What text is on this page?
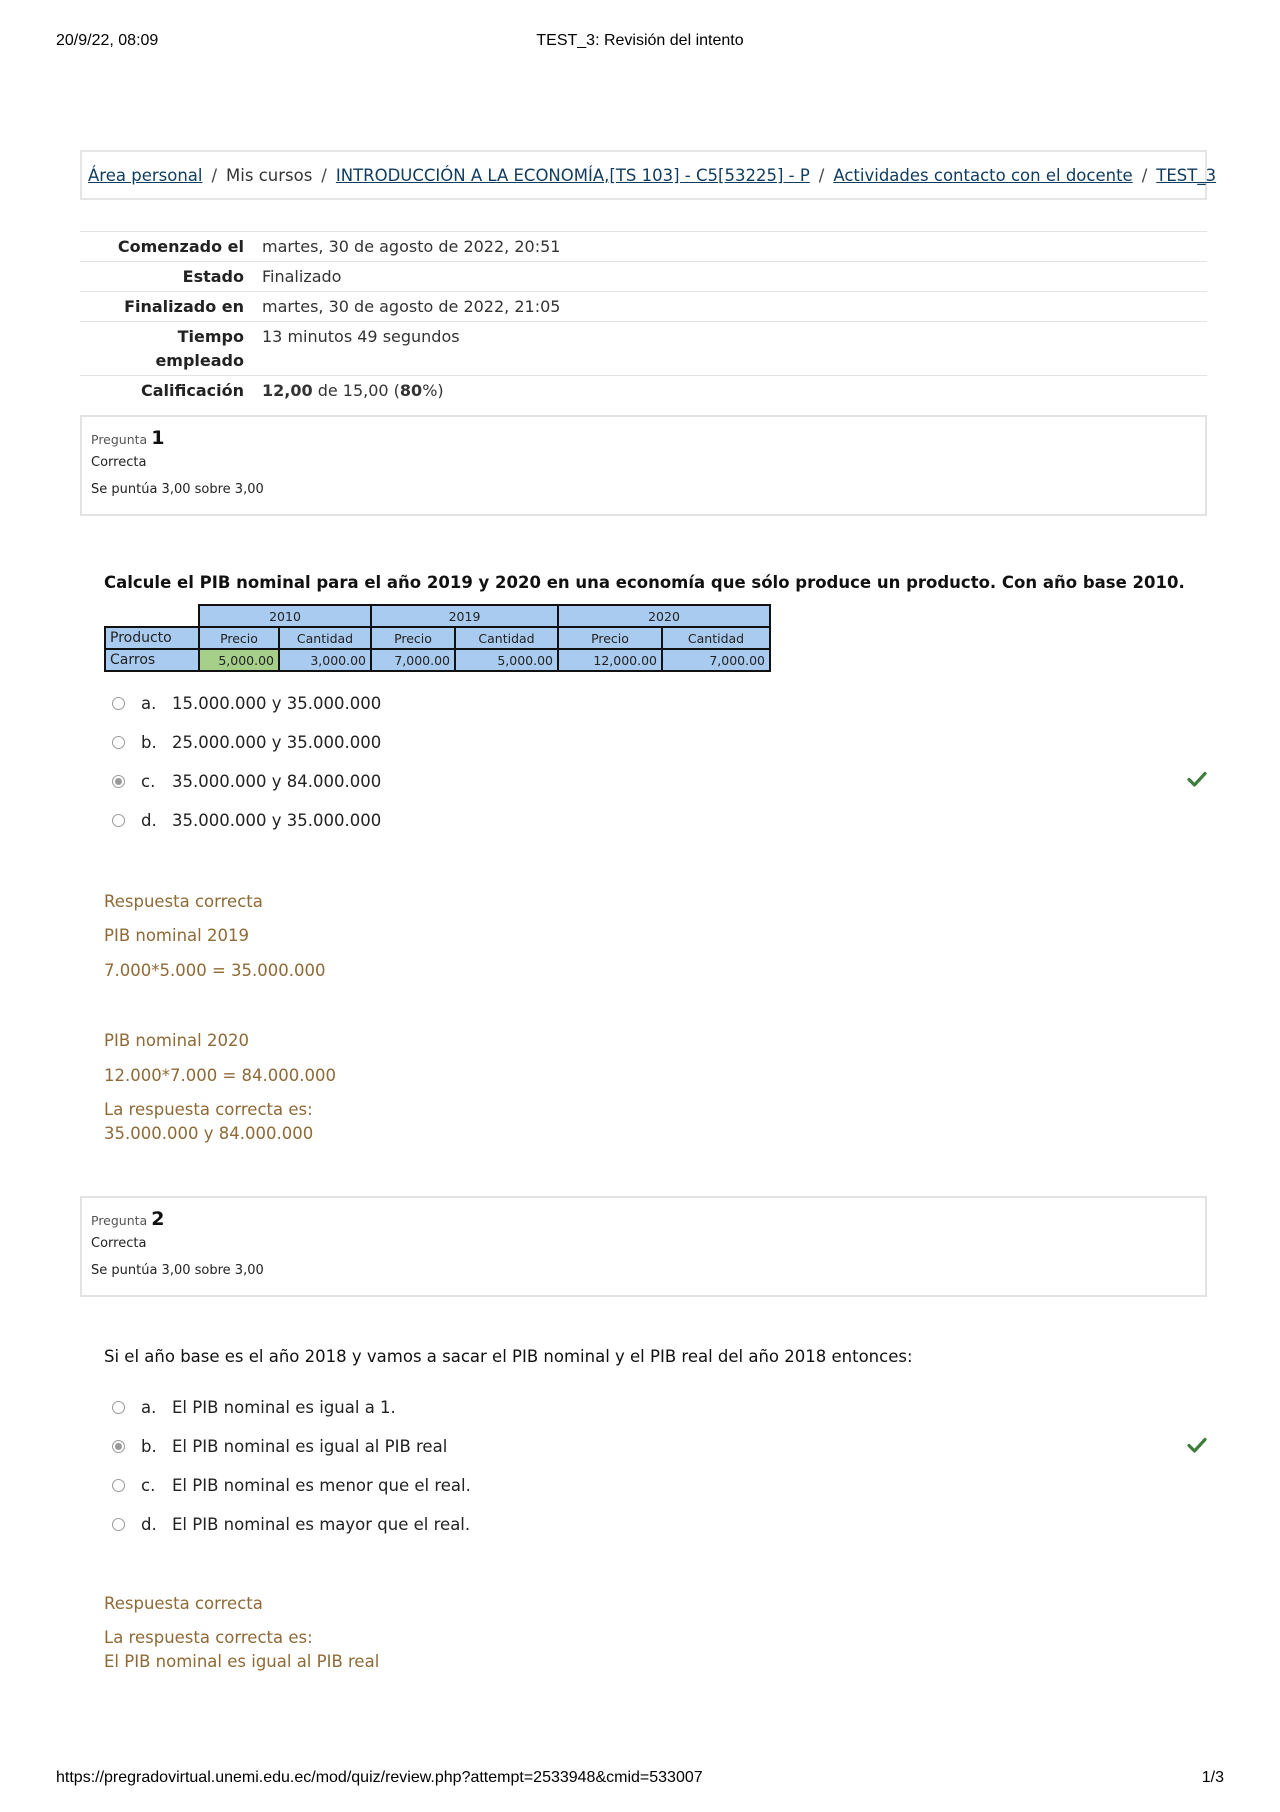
20/9/22, 08:09	TEST_3: Revisión del intento
Área personal / Mis cursos / INTRODUCCIÓN A LA ECONOMÍA,[TS 103] - C5[53225] - P / Actividades contacto con el docente / TEST_3
Comenzado el	martes, 30 de agosto de 2022, 20:51
Estado	Finalizado
Finalizado en	martes, 30 de agosto de 2022, 21:05
Tiempo
empleado	13 minutos 49 segundos
Calificación	12,00 de 15,00 (80%)
Pregunta 1
Correcta
Se puntúa 3,00 sobre 3,00
Calcule el PIB nominal para el año 2019 y 2020 en una economía que sólo produce un producto. Con año base 2010.
	2010		2019		2020	
Producto	Precio	Cantidad	Precio	Cantidad	Precio	Cantidad
Carros	5,000.00	3,000.00	7,000.00	5,000.00	12,000.00	7,000.00
a. 15.000.000 y 35.000.000
b. 25.000.000 y 35.000.000
c.	35.000.000 y 84.000.000
d. 35.000.000 y 35.000.000
Respuesta correcta
PIB nominal 2019
7.000*5.000 = 35.000.000
PIB nominal 2020
12.000*7.000 = 84.000.000
La respuesta correcta es:
35.000.000 y 84.000.000
Pregunta 2
Correcta
Se puntúa 3,00 sobre 3,00
Si el año base es el año 2018 y vamos a sacar el PIB nominal y el PIB real del año 2018 entonces:
a. El PIB nominal es igual a 1.
b. El PIB nominal es igual al PIB real
c.	El PIB nominal es menor que el real.
d. El PIB nominal es mayor que el real.
Respuesta correcta
La respuesta correcta es:
El PIB nominal es igual al PIB real
https://pregradovirtual.unemi.edu.ec/mod/quiz/review.php?attempt=2533948&cmid=533007	1/3
